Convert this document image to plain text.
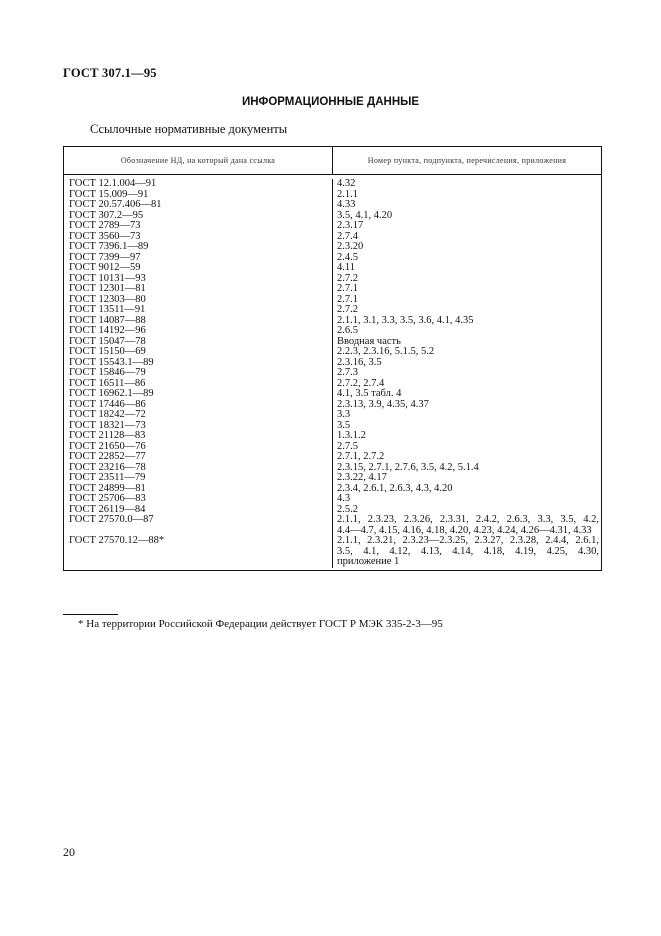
ГОСТ 307.1—95
ИНФОРМАЦИОННЫЕ ДАННЫЕ
Ссылочные нормативные документы
Обозначение НД, на который дана ссылка	Номер пункта, подпункта, перечисления, приложения
ГОСТ 12.1.004—91
ГОСТ 15.009—91
ГОСТ 20.57.406—81
ГОСТ 307.2—95
ГОСТ 2789—73
ГОСТ 3560—73
ГОСТ 7396.1—89
ГОСТ 7399—97
ГОСТ 9012—59
ГОСТ 10131—93
ГОСТ 12301—81
ГОСТ 12303—80
ГОСТ 13511—91
ГОСТ 14087—88
ГОСТ 14192—96
ГОСТ 15047—78
ГОСТ 15150—69
ГОСТ 15543.1—89
ГОСТ 15846—79
ГОСТ 16511—86
ГОСТ 16962.1—89
ГОСТ 17446—86
ГОСТ 18242—72
ГОСТ 18321—73
ГОСТ 21128—83
ГОСТ 21650—76
ГОСТ 22852—77
ГОСТ 23216—78
ГОСТ 23511—79
ГОСТ 24899—81
ГОСТ 25706—83
ГОСТ 26119—84
ГОСТ 27570.0—87
ГОСТ 27570.12—88*
4.32
2.1.1
4.33
3.5, 4.1, 4.20
2.3.17
2.7.4
2.3.20
2.4.5
4.11
2.7.2
2.7.1
2.7.1
2.7.2
2.1.1, 3.1, 3.3, 3.5, 3.6, 4.1, 4.35
2.6.5
Вводная часть
2.2.3, 2.3.16, 5.1.5, 5.2
2.3.16, 3.5
2.7.3
2.7.2, 2.7.4
4.1, 3.5 табл. 4
2.3.13, 3.9, 4.35, 4.37
3.3
3.5
1.3.1.2
2.7.5
2.7.1, 2.7.2
2.3.15, 2.7.1, 2.7.6, 3.5, 4.2, 5.1.4
2.3.22, 4.17
2.3.4, 2.6.1, 2.6.3, 4.3, 4.20
4.3
2.5.2
2.1.1, 2.3.23, 2.3.26, 2.3.31, 2.4.2, 2.6.3, 3.3, 3.5, 4.2,
4.4—4.7, 4.15, 4.16, 4.18, 4.20, 4.23, 4.24, 4.26—4.31, 4.33
2.1.1, 2.3.21, 2.3.23—2.3.25, 2.3.27, 2.3.28, 2.4.4, 2.6.1,
3.5, 4.1, 4.12, 4.13, 4.14, 4.18, 4.19, 4.25, 4.30,
приложение 1
* На территории Российской Федерации действует ГОСТ Р МЭК 335-2-3—95
20
